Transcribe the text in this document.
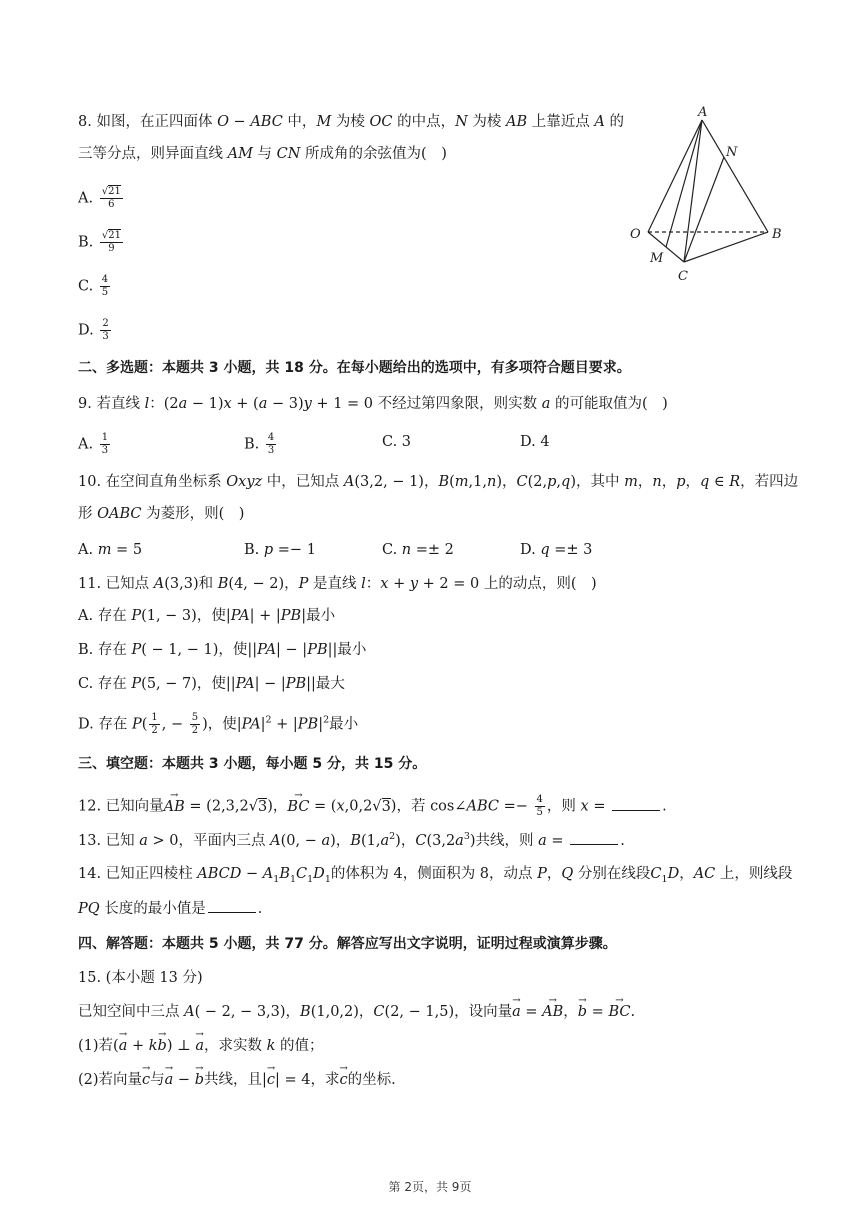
8. 如图，在正四面体 O − ABC 中，M 为棱 OC 的中点，N 为棱 AB 上靠近点 A 的
三等分点，则异面直线 AM 与 CN 所成角的余弦值为(　)
A. $\frac{√21}{6}$
B. $\frac{√21}{9}$
C. $\frac{4}{5}$
D. $\frac{2}{3}$
A
N
O	B
M
C
二、多选题：本题共 3 小题，共 18 分。在每小题给出的选项中，有多项符合题目要求。
9. 若直线 l：(2a − 1)x + (a − 3)y + 1 = 0 不经过第四象限，则实数 a 的可能取值为(　)
A. $\frac{1}{3}$	B. $\frac{4}{3}$	C. 3	D. 4
10. 在空间直角坐标系 Oxyz 中，已知点 A(3,2, − 1)，B(m,1,n)，C(2,p,q)，其中 m，n，p，q ∈ R，若四边
形 OABC 为菱形，则(　)
A. m = 5	B. p =− 1	C. n =± 2	D. q =± 3
11. 已知点 A(3,3)和 B(4, − 2)，P 是直线 l：x + y + 2 = 0 上的动点，则(　)
A. 存在 P(1, − 3)，使|PA| + |PB|最小
B. 存在 P( − 1, − 1)，使||PA| − |PB||最小
C. 存在 P(5, − 7)，使||PA| − |PB||最大
D. 存在 $P( \frac{1}{2}$ , − $\frac{5}{2}$ )，使$|PA|^2 + |PB|^2$最小
三、填空题：本题共 3 小题，每小题 5 分，共 15 分。
12. 已知向量→ AB = (2,3,2√3)，→ BC = (x,0,2√3)，若 cos∠ABC =− $\frac{4}{5}$ ，则 x =	.
13. 已知 a > 0，平面内三点 A(0, − a)，$B(1,a^2)$，$C(3,2a^3)$共线，则 a =	.
14. 已知正四棱柱 ABCD − $A_1B_1C_1D_1$的体积为 4，侧面积为 8，动点 P，Q 分别在线段$C_1D$，AC 上，则线段
PQ 长度的最小值是	.
四、解答题：本题共 5 小题，共 77 分。解答应写出文字说明，证明过程或演算步骤。
15. (本小题 13 分)
已知空间中三点 A( − 2, − 3,3)，B(1,0,2)，C(2, − 1,5)，设向量→ a = → AB，→ b = → BC.
(1)若(→ a + k→ b) ⊥ → a，求实数 k 的值；
(2)若向量→ c与→ a − → b共线，且|→ c| = 4，求→ c的坐标.
第 2页，共 9页
